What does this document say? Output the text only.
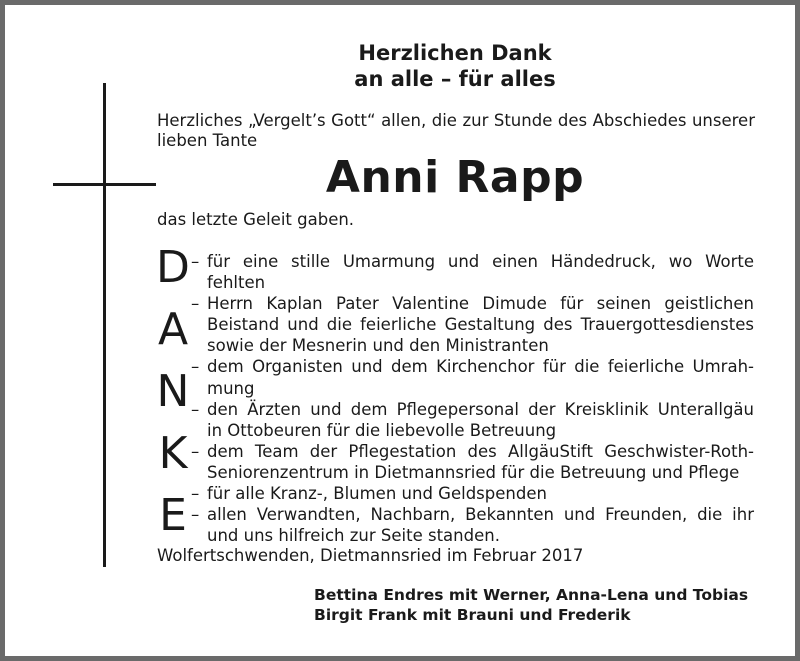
Herzlichen Dank
an alle – für alles
Herzliches „Vergelt’s Gott“ allen, die zur Stunde des Abschiedes unserer
lieben Tante
Anni Rapp
das letzte Geleit gaben.
D
A
N
K
E
– für eine stille Umarmung und einen Händedruck, wo Worte fehlten
– Herrn Kaplan Pater Valentine Dimude für seinen geistlichen
Beistand und die feierliche Gestaltung des Trauergottesdienstes
sowie der Mesnerin und den Ministranten
– dem Organisten und dem Kirchenchor für die feierliche Umrah-
mung
– den Ärzten und dem Pflegepersonal der Kreisklinik Unterallgäu
in Ottobeuren für die liebevolle Betreuung
– dem Team der Pflegestation des AllgäuStift Geschwister-Roth-
Seniorenzentrum in Dietmannsried für die Betreuung und Pflege
– für alle Kranz-, Blumen und Geldspenden
– allen Verwandten, Nachbarn, Bekannten und Freunden, die ihr
und uns hilfreich zur Seite standen.
Wolfertschwenden, Dietmannsried im Februar 2017
Bettina Endres mit Werner, Anna-Lena und Tobias
Birgit Frank mit Brauni und Frederik
